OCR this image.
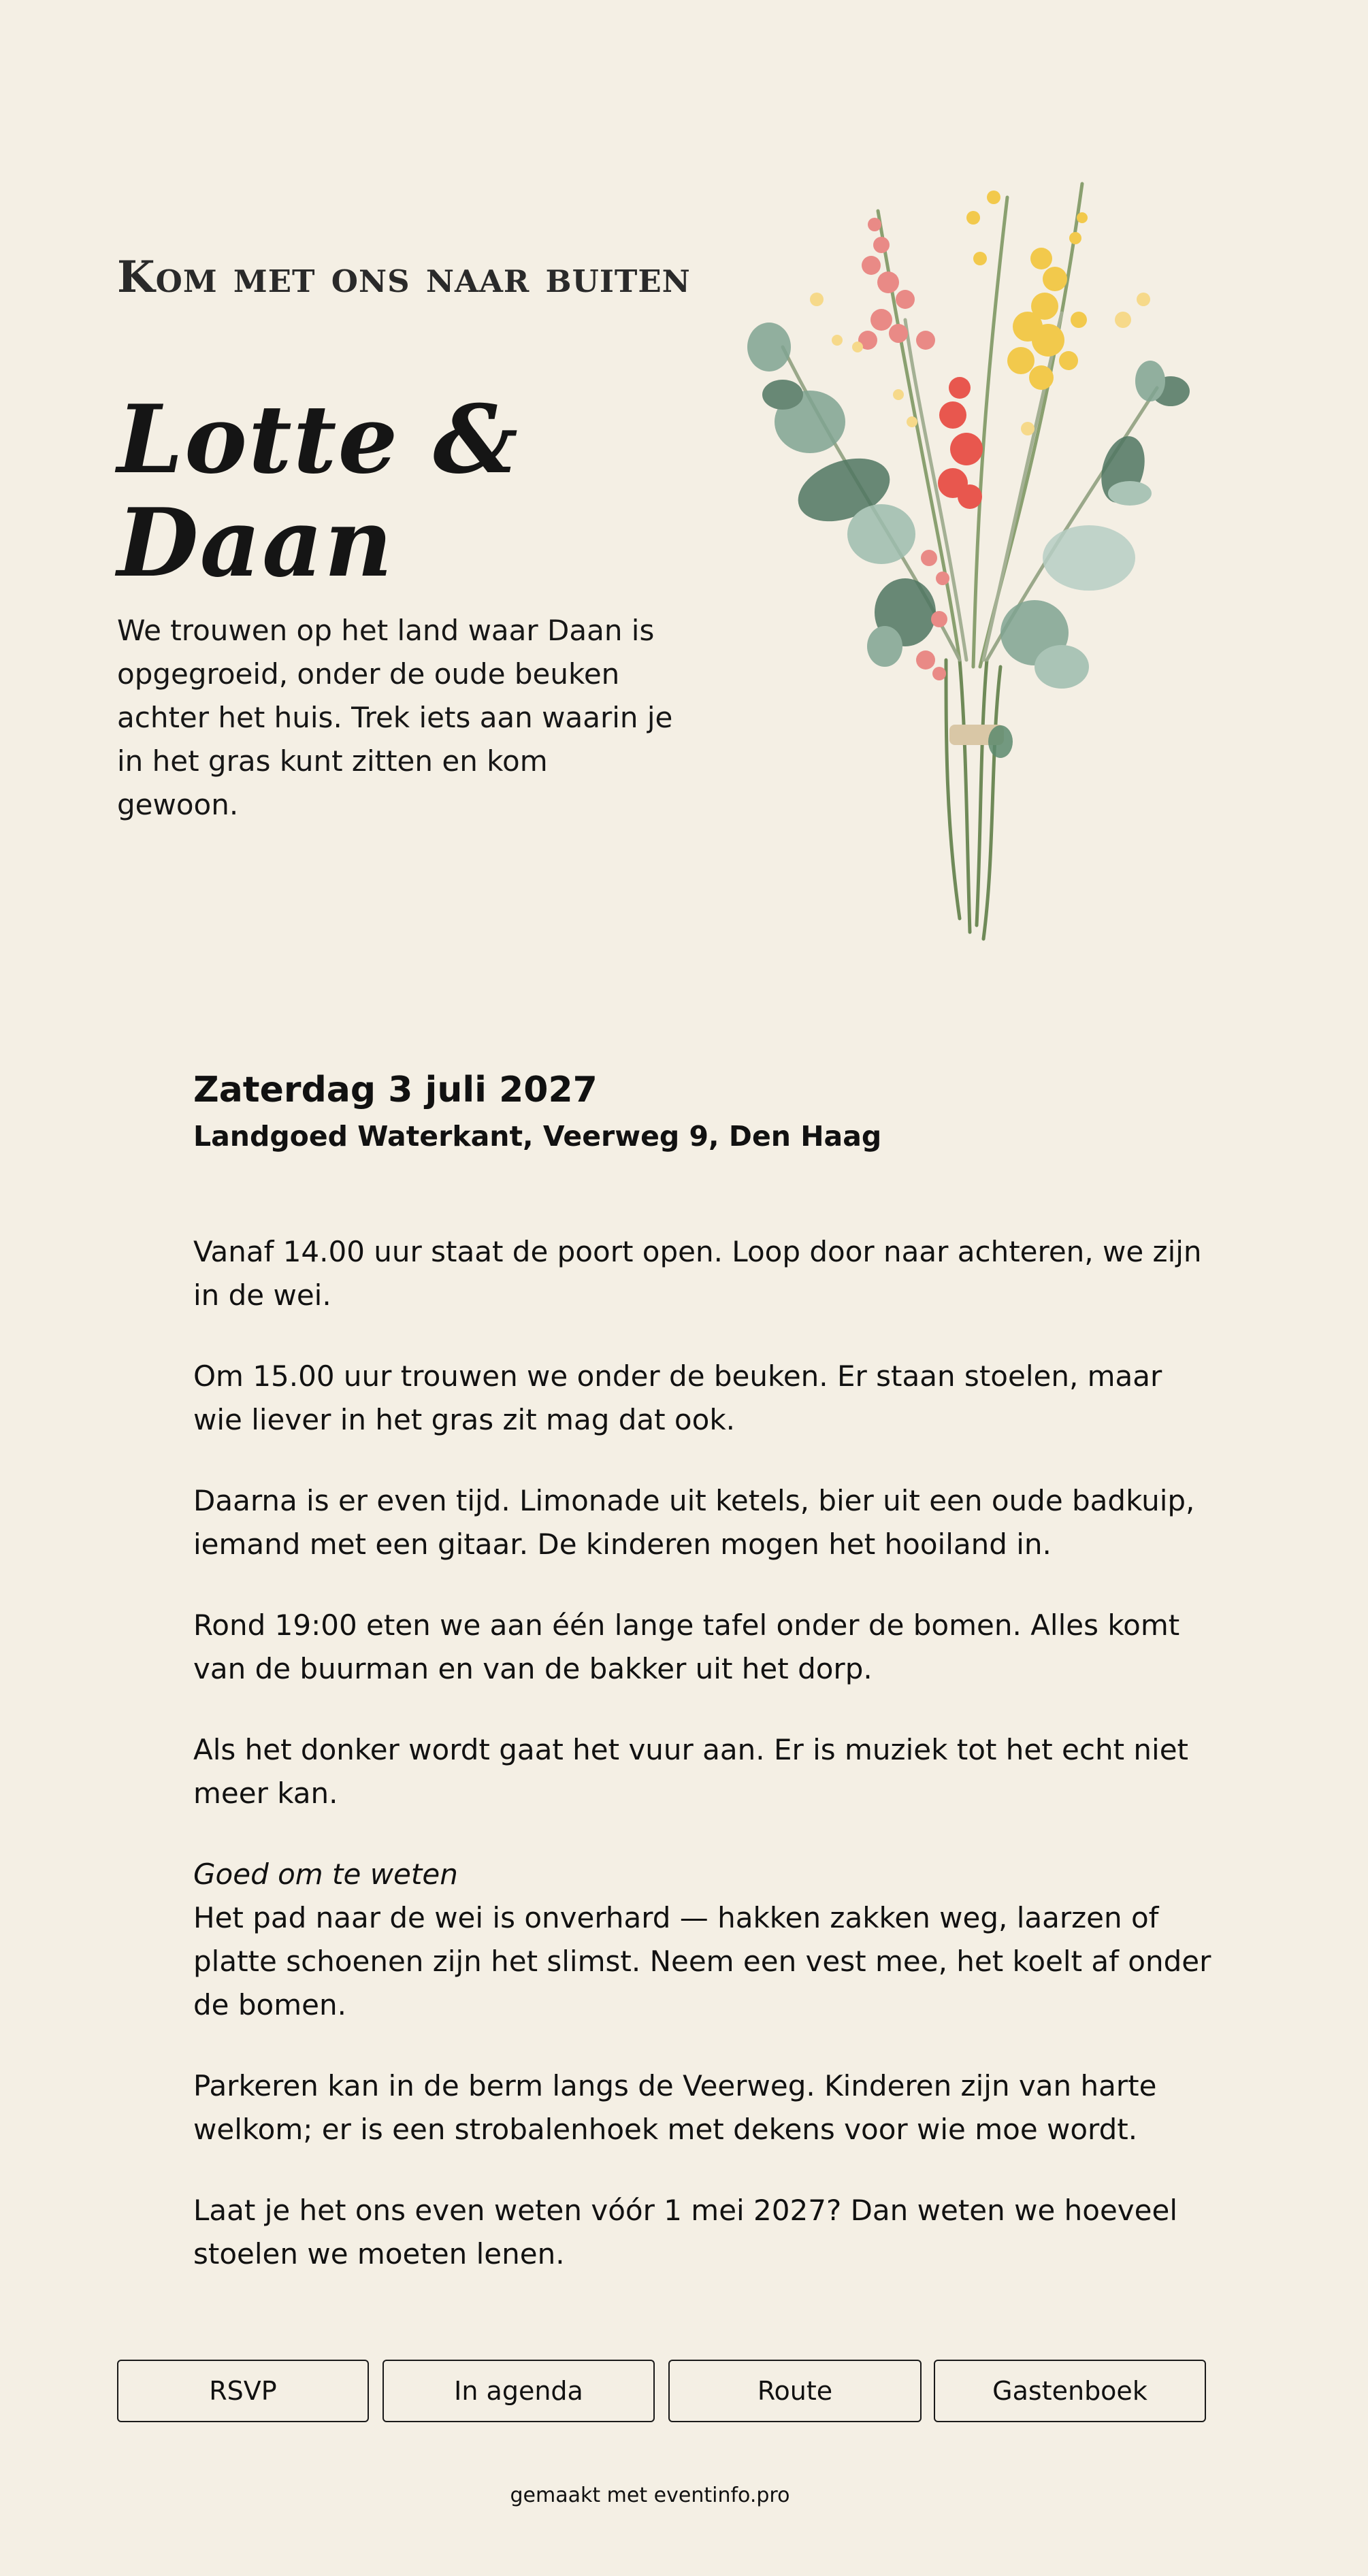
Kom met ons naar buiten
Lotte & Daan

We trouwen op het land waar Daan is opgegroeid, onder de oude beuken achter het huis. Trek iets aan waarin je in het gras kunt zitten en kom gewoon.

Zaterdag 3 juli 2027

Landgoed Waterkant, Veerweg 9, Den Haag

Vanaf 14.00 uur staat de poort open. Loop door naar achteren, we zijn in de wei.

Om 15.00 uur trouwen we onder de beuken. Er staan stoelen, maar wie liever in het gras zit mag dat ook.

Daarna is er even tijd. Limonade uit ketels, bier uit een oude badkuip, iemand met een gitaar. De kinderen mogen het hooiland in.

Rond 19:00 eten we aan één lange tafel onder de bomen. Alles komt van de buurman en van de bakker uit het dorp.

Als het donker wordt gaat het vuur aan. Er is muziek tot het echt niet meer kan.

Goed om te weten
Het pad naar de wei is onverhard — hakken zakken weg, laarzen of platte schoenen zijn het slimst. Neem een vest mee, het koelt af onder de bomen.

Parkeren kan in de berm langs de Veerweg. Kinderen zijn van harte welkom; er is een strobalenhoek met dekens voor wie moe wordt.

Laat je het ons even weten vóór 1 mei 2027? Dan weten we hoeveel stoelen we moeten lenen.

RSVP	In agenda	Route	Gastenboek

gemaakt met eventinfo.pro
